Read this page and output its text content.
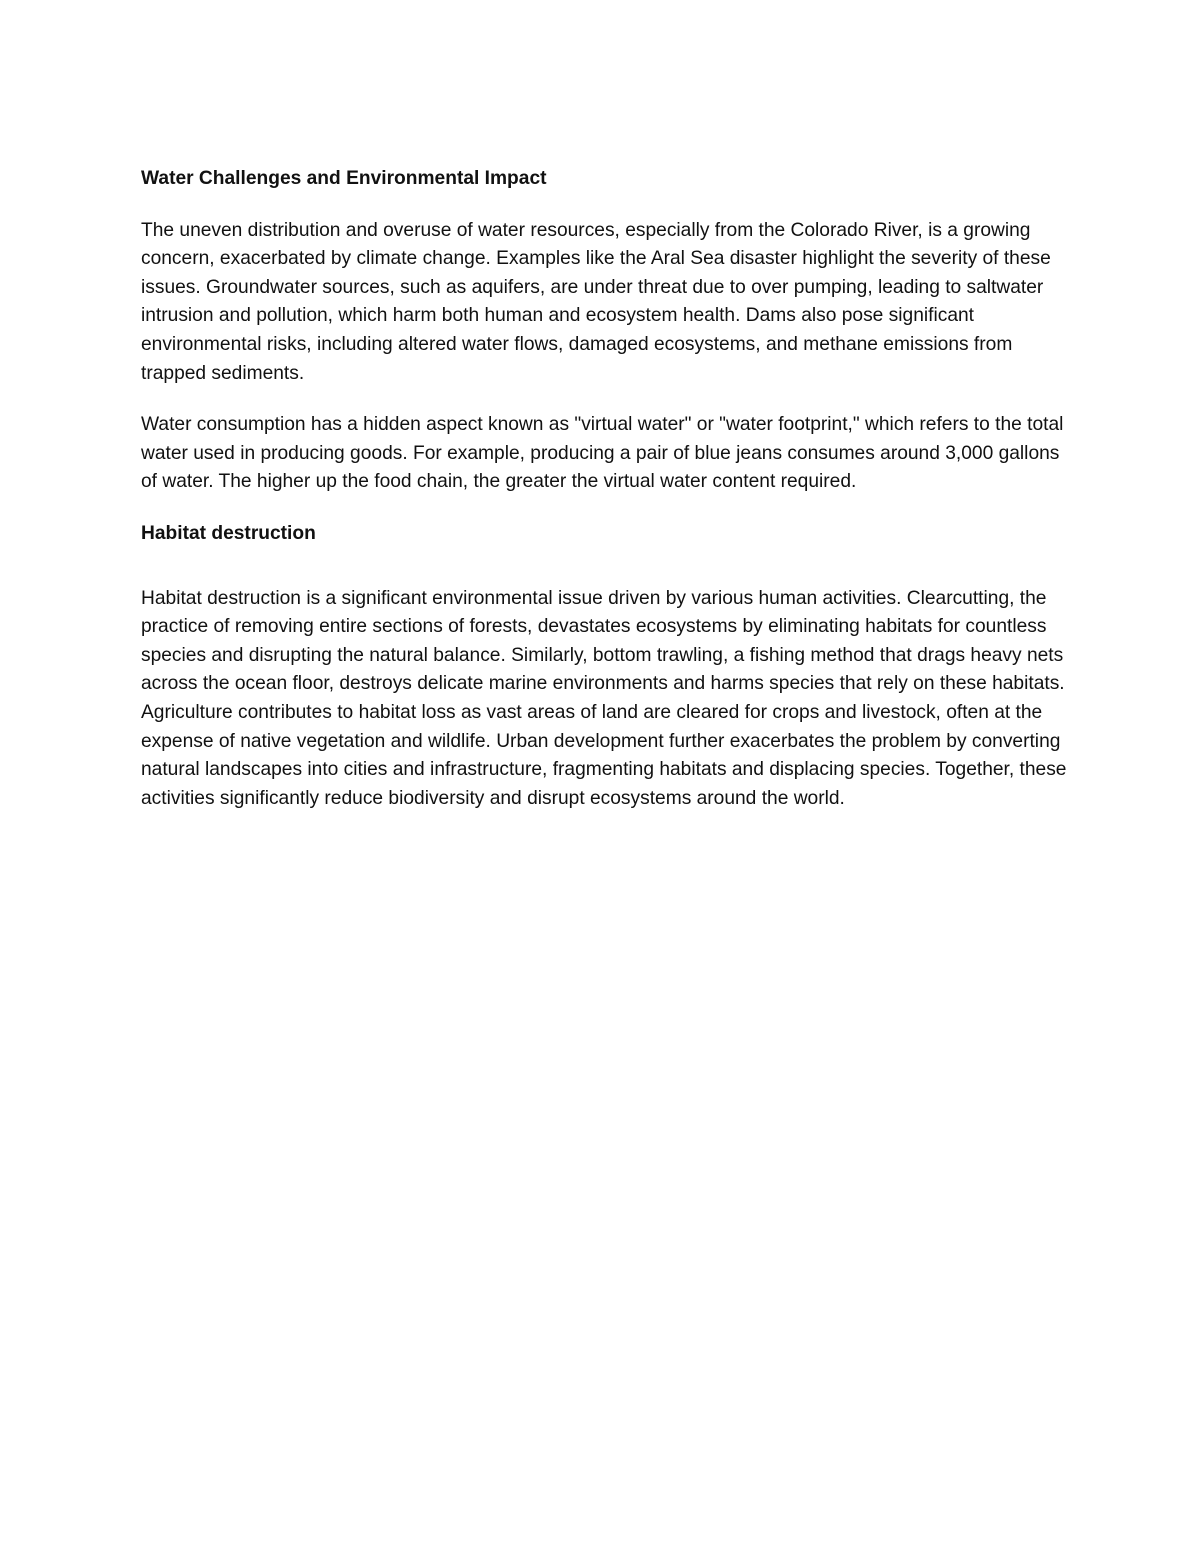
Water Challenges and Environmental Impact

The uneven distribution and overuse of water resources, especially from the Colorado River, is a growing concern, exacerbated by climate change. Examples like the Aral Sea disaster highlight the severity of these issues. Groundwater sources, such as aquifers, are under threat due to over pumping, leading to saltwater intrusion and pollution, which harm both human and ecosystem health. Dams also pose significant environmental risks, including altered water flows, damaged ecosystems, and methane emissions from trapped sediments.

Water consumption has a hidden aspect known as "virtual water" or "water footprint," which refers to the total water used in producing goods. For example, producing a pair of blue jeans consumes around 3,000 gallons of water. The higher up the food chain, the greater the virtual water content required.

Habitat destruction

Habitat destruction is a significant environmental issue driven by various human activities. Clearcutting, the practice of removing entire sections of forests, devastates ecosystems by eliminating habitats for countless species and disrupting the natural balance. Similarly, bottom trawling, a fishing method that drags heavy nets across the ocean floor, destroys delicate marine environments and harms species that rely on these habitats. Agriculture contributes to habitat loss as vast areas of land are cleared for crops and livestock, often at the expense of native vegetation and wildlife. Urban development further exacerbates the problem by converting natural landscapes into cities and infrastructure, fragmenting habitats and displacing species. Together, these activities significantly reduce biodiversity and disrupt ecosystems around the world.
